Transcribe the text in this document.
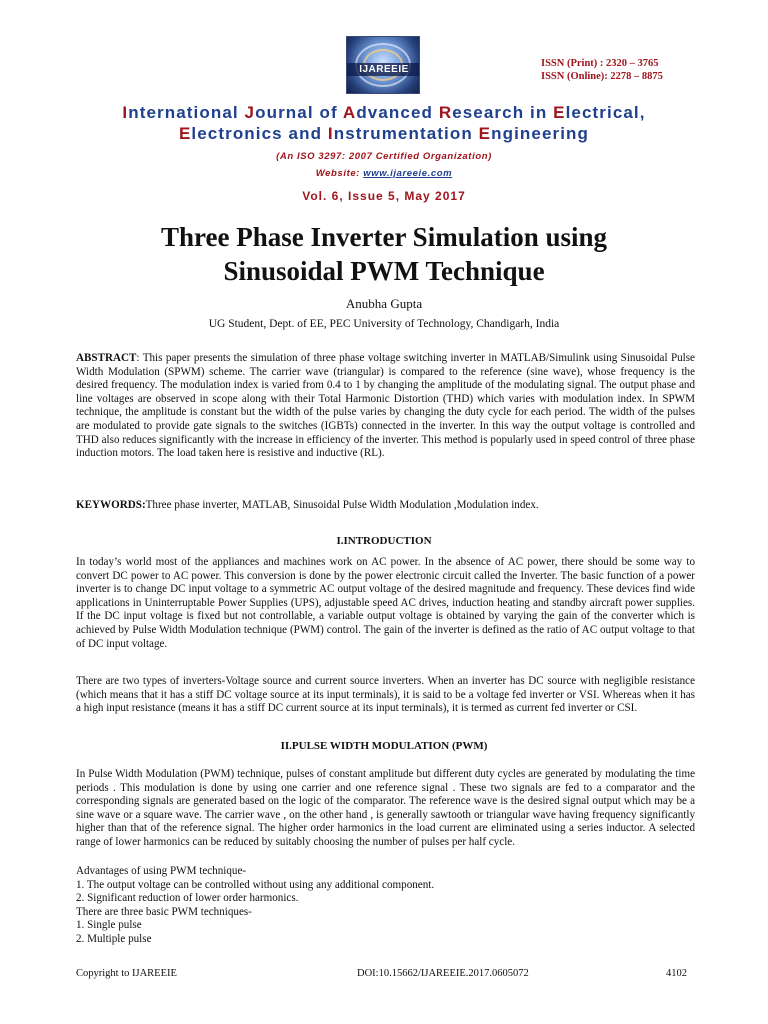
IJAREEIE
ISSN (Print) : 2320 – 3765
ISSN (Online): 2278 – 8875
International Journal of Advanced Research in Electrical,
Electronics and Instrumentation Engineering
(An ISO 3297: 2007 Certified Organization)
Website: www.ijareeie.com
Vol. 6, Issue 5, May 2017
Three Phase Inverter Simulation using
Sinusoidal PWM Technique
Anubha Gupta
UG Student, Dept. of EE, PEC University of Technology, Chandigarh, India

ABSTRACT: This paper presents the simulation of three phase voltage switching inverter in MATLAB/Simulink using Sinusoidal Pulse Width Modulation (SPWM) scheme. The carrier wave (triangular) is compared to the reference (sine wave), whose frequency is the desired frequency. The modulation index is varied from 0.4 to 1 by changing the amplitude of the modulating signal. The output phase and line voltages are observed in scope along with their Total Harmonic Distortion (THD) which varies with modulation index. In SPWM technique, the amplitude is constant but the width of the pulse varies by changing the duty cycle for each period. The width of the pulses are modulated to provide gate signals to the switches (IGBTs) connected in the inverter. In this way the output voltage is controlled and THD also reduces significantly with the increase in efficiency of the inverter. This method is popularly used in speed control of three phase induction motors. The load taken here is resistive and inductive (RL).

KEYWORDS:Three phase inverter, MATLAB, Sinusoidal Pulse Width Modulation ,Modulation index.

I.INTRODUCTION

In today’s world most of the appliances and machines work on AC power. In the absence of AC power, there should be some way to convert DC power to AC power. This conversion is done by the power electronic circuit called the Inverter. The basic function of a power inverter is to change DC input voltage to a symmetric AC output voltage of the desired magnitude and frequency. These devices find wide applications in Uninterruptable Power Supplies (UPS), adjustable speed AC drives, induction heating and standby aircraft power supplies. If the DC input voltage is fixed but not controllable, a variable output voltage is obtained by varying the gain of the converter which is achieved by Pulse Width Modulation technique (PWM) control. The gain of the inverter is defined as the ratio of AC output voltage to that of DC input voltage.

There are two types of inverters-Voltage source and current source inverters. When an inverter has DC source with negligible resistance (which means that it has a stiff DC voltage source at its input terminals), it is said to be a voltage fed inverter or VSI. Whereas when it has a high input resistance (means it has a stiff DC current source at its input terminals), it is termed as current fed inverter or CSI.

II.PULSE WIDTH MODULATION (PWM)

In Pulse Width Modulation (PWM) technique, pulses of constant amplitude but different duty cycles are generated by modulating the time periods . This modulation is done by using one carrier and one reference signal . These two signals are fed to a comparator and the corresponding signals are generated based on the logic of the comparator. The reference wave is the desired signal output which may be a sine wave or a square wave. The carrier wave , on the other hand , is generally sawtooth or triangular wave having frequency significantly higher than that of the reference signal. The higher order harmonics in the load current are eliminated using a series inductor. A selected range of lower harmonics can be reduced by suitably choosing the number of pulses per half cycle.

Advantages of using PWM technique-
1. The output voltage can be controlled without using any additional component.
2. Significant reduction of lower order harmonics.
There are three basic PWM techniques-
1. Single pulse
2. Multiple pulse
Copyright to IJAREEIE	DOI:10.15662/IJAREEIE.2017.0605072	4102
